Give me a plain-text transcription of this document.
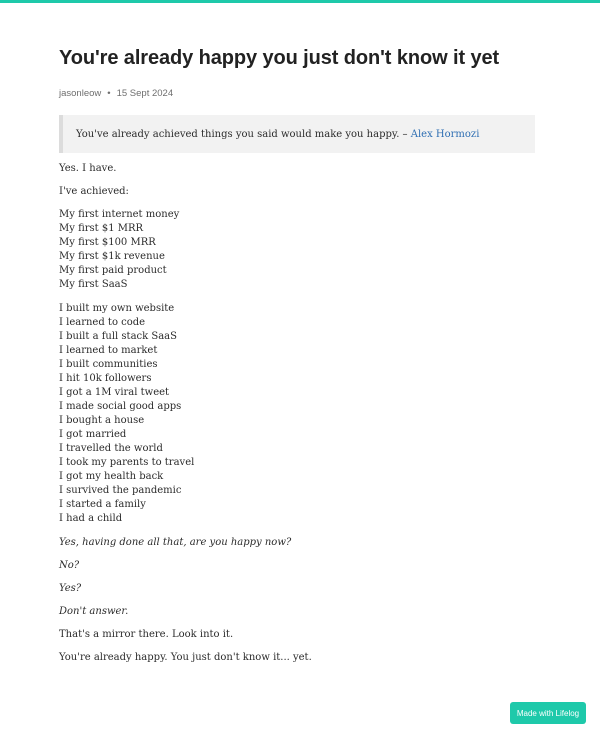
You're already happy you just don't know it yet
jasonleow • 15 Sept 2024
You've already achieved things you said would make you happy. –
Alex Hormozi

Yes. I have.

I've achieved:

My first internet money
My first $1 MRR
My first $100 MRR
My first $1k revenue
My first paid product
My first SaaS
I built my own website
I learned to code
I built a full stack SaaS
I learned to market
I built communities
I hit 10k followers
I got a 1M viral tweet
I made social good apps
I bought a house
I got married
I travelled the world
I took my parents to travel
I got my health back
I survived the pandemic
I started a family
I had a child

Yes, having done all that, are you happy now?

No?

Yes?

Don't answer.

That's a mirror there. Look into it.

You're already happy. You just don't know it... yet.

Made with Lifelog
